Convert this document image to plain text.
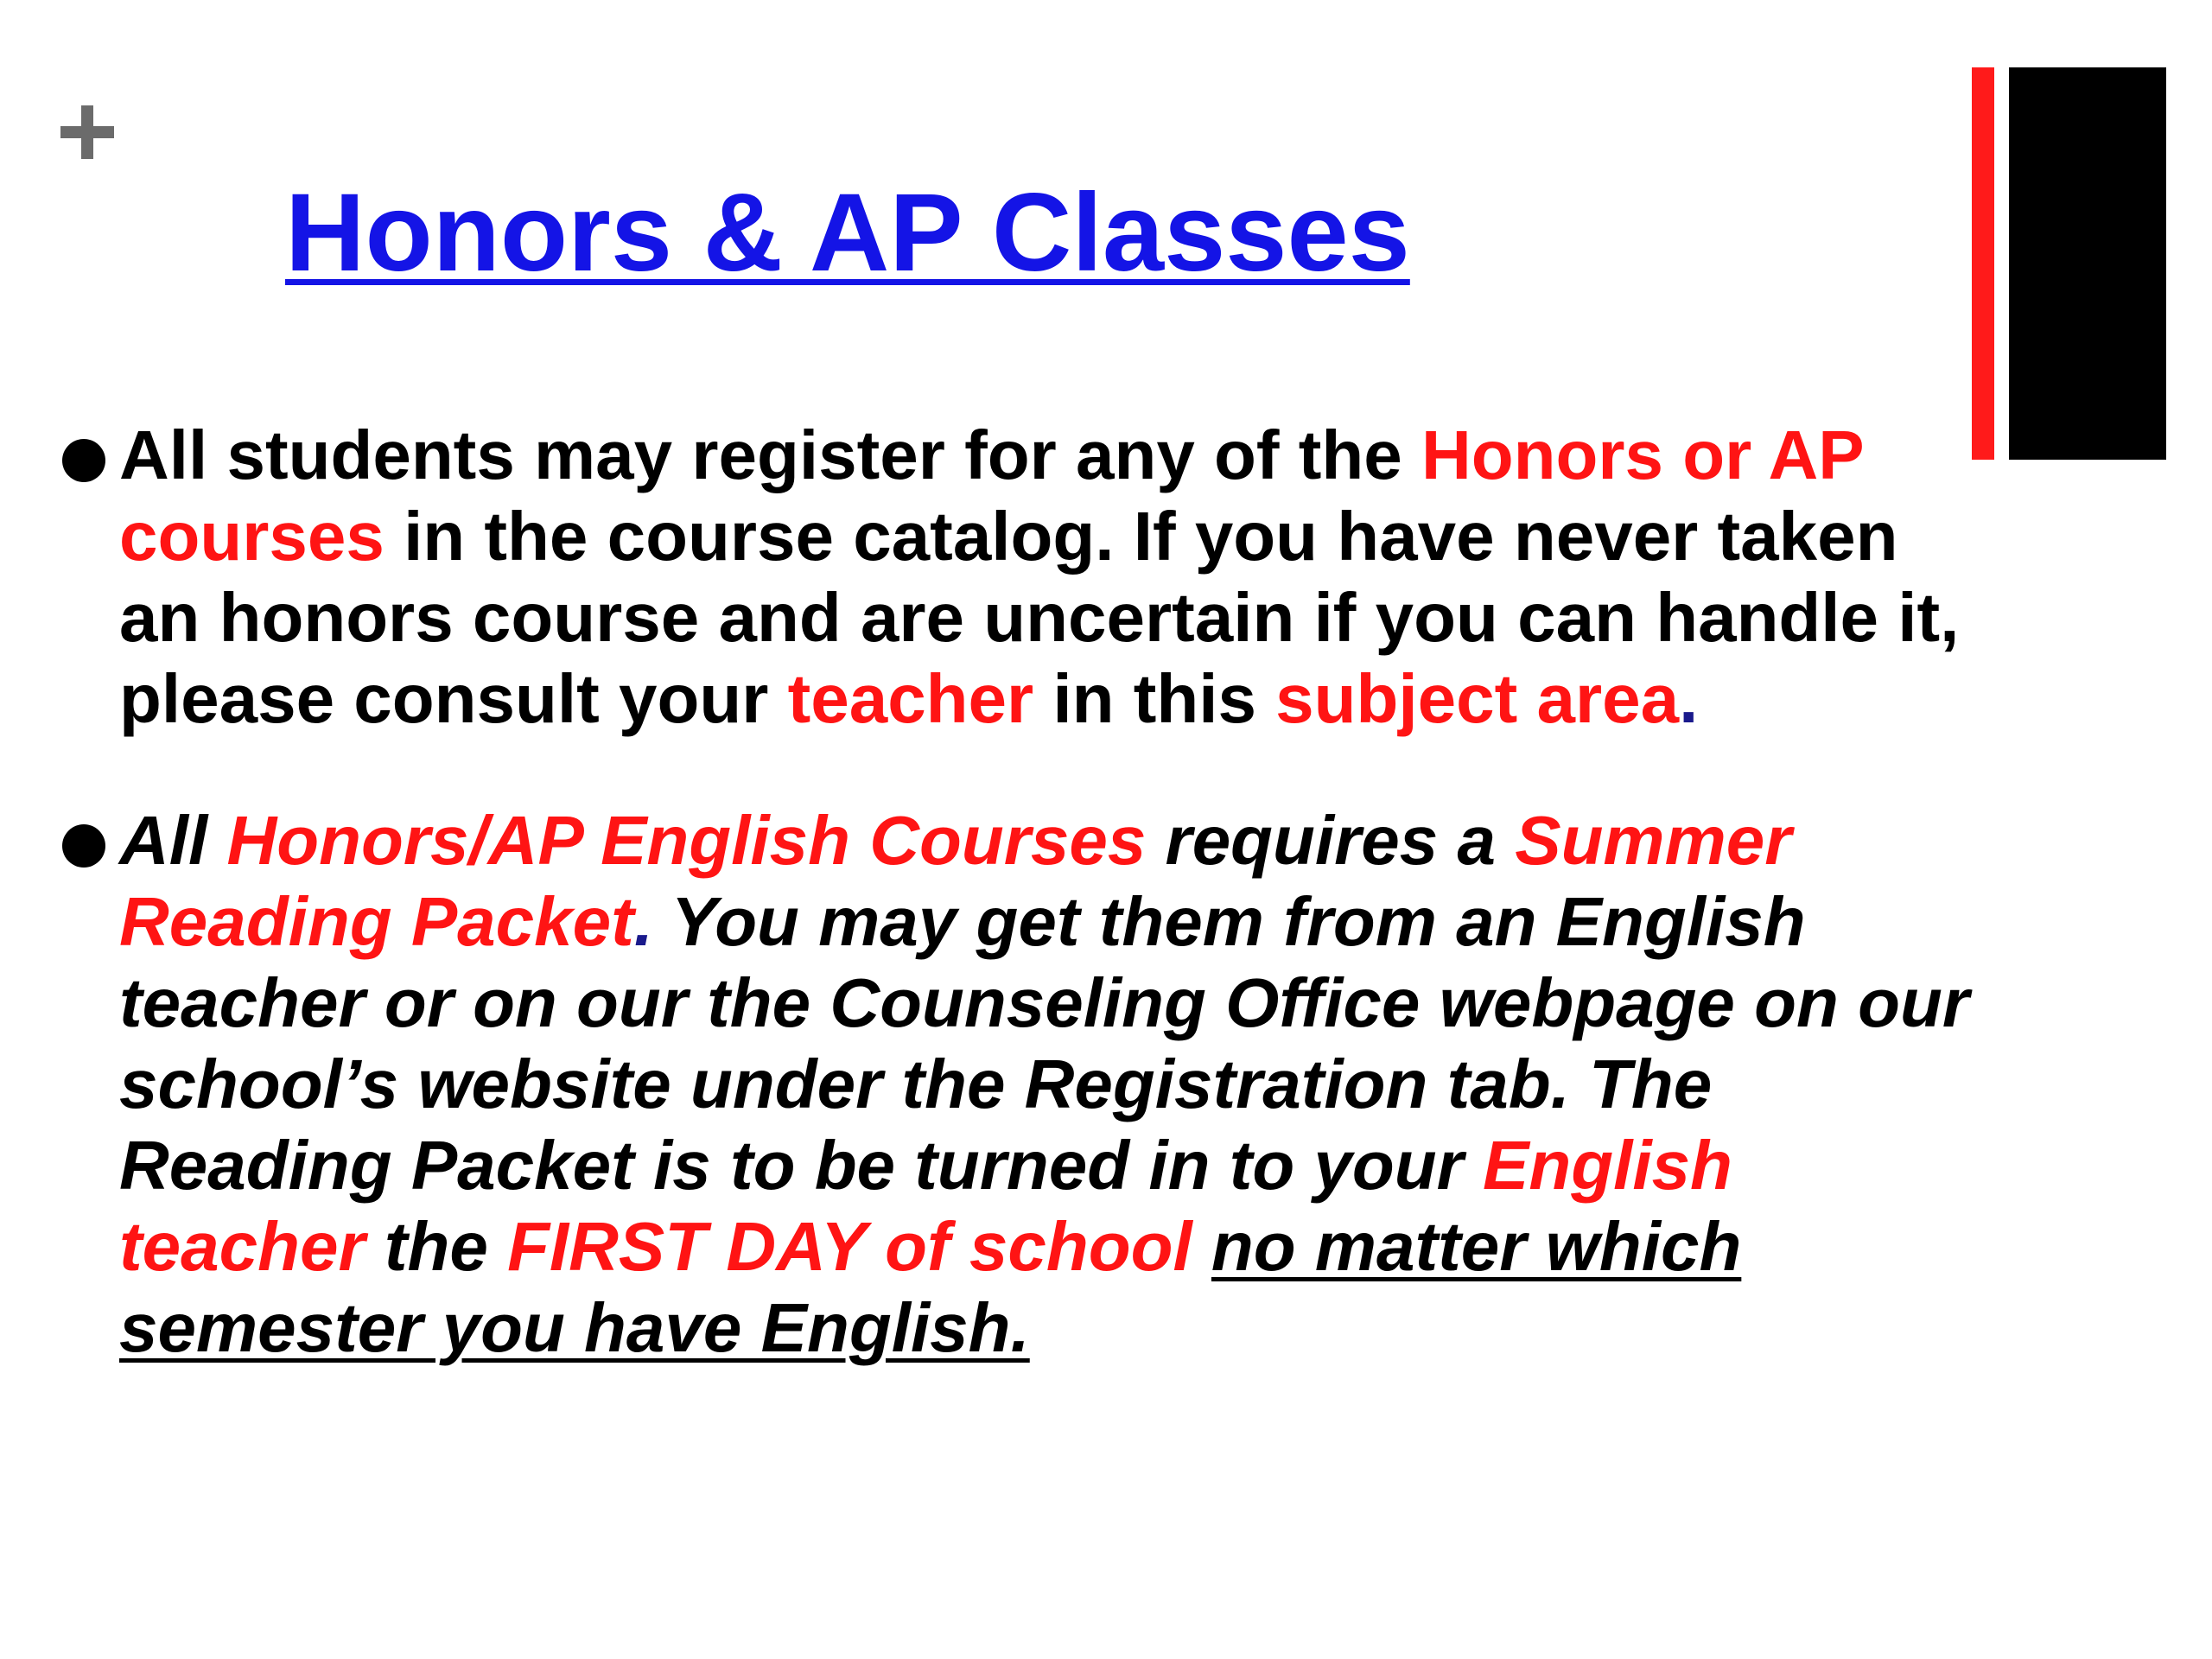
Honors & AP Classes
All students may register for any of the Honors or AP courses in the course catalog. If you have never taken an honors course and are uncertain if you can handle it, please consult your teacher in this subject area.
All Honors/AP English Courses requires a Summer Reading Packet. You may get them from an English teacher or on our the Counseling Office webpage on our school’s website under the Registration tab. The Reading Packet is to be turned in to your English teacher the FIRST DAY of school no matter which semester you have English.
